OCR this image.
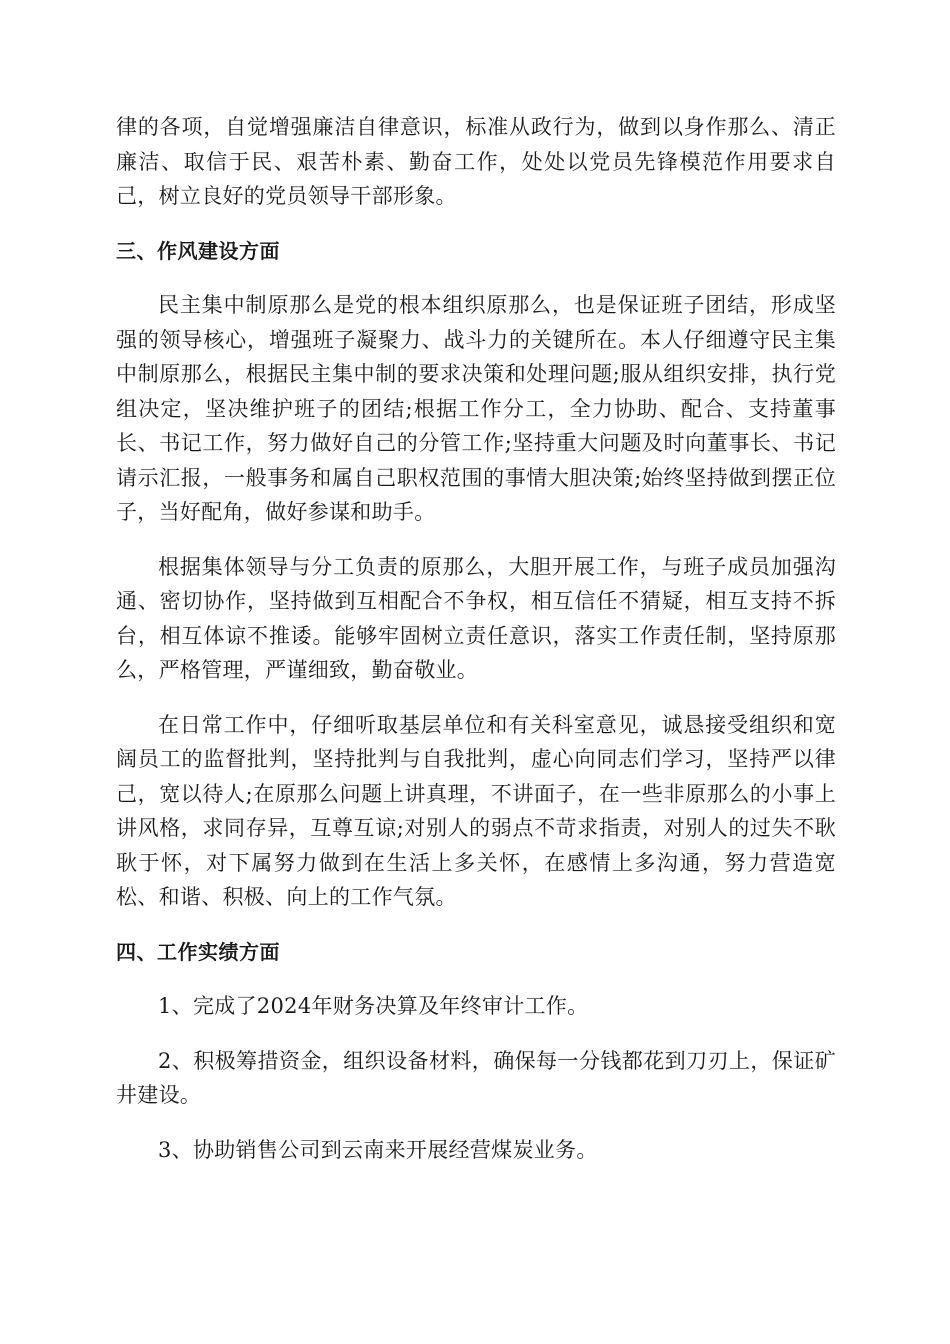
律的各项，自觉增强廉洁自律意识，标准从政行为，做到以身作那么、清正廉洁、取信于民、艰苦朴素、勤奋工作，处处以党员先锋模范作用要求自己，树立良好的党员领导干部形象。

三、作风建设方面

民主集中制原那么是党的根本组织原那么，也是保证班子团结，形成坚强的领导核心，增强班子凝聚力、战斗力的关键所在。本人仔细遵守民主集中制原那么，根据民主集中制的要求决策和处理问题;服从组织安排，执行党组决定，坚决维护班子的团结;根据工作分工，全力协助、配合、支持董事长、书记工作，努力做好自己的分管工作;坚持重大问题及时向董事长、书记请示汇报，一般事务和属自己职权范围的事情大胆决策;始终坚持做到摆正位子，当好配角，做好参谋和助手。

根据集体领导与分工负责的原那么，大胆开展工作，与班子成员加强沟通、密切协作，坚持做到互相配合不争权，相互信任不猜疑，相互支持不拆台，相互体谅不推诿。能够牢固树立责任意识，落实工作责任制，坚持原那么，严格管理，严谨细致，勤奋敬业。

在日常工作中，仔细听取基层单位和有关科室意见，诚恳接受组织和宽阔员工的监督批判，坚持批判与自我批判，虚心向同志们学习，坚持严以律己，宽以待人;在原那么问题上讲真理，不讲面子，在一些非原那么的小事上讲风格，求同存异，互尊互谅;对别人的弱点不苛求指责，对别人的过失不耿耿于怀，对下属努力做到在生活上多关怀，在感情上多沟通，努力营造宽松、和谐、积极、向上的工作气氛。

四、工作实绩方面

1、完成了2024年财务决算及年终审计工作。

2、积极筹措资金，组织设备材料，确保每一分钱都花到刀刃上，保证矿井建设。

3、协助销售公司到云南来开展经营煤炭业务。
